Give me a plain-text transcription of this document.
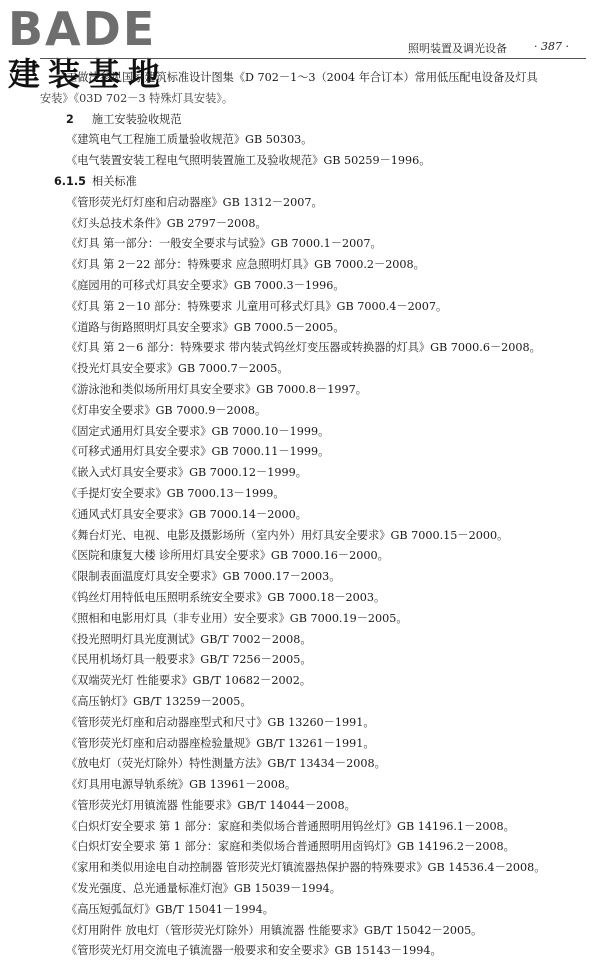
BADE
建装基地
照明装置及调光设备 · 387 ·
工做法参见国家建筑标准设计图集《D 702－1～3（2004 年合订本）常用低压配电设备及灯具
安装》《03D 702－3 特殊灯具安装》。
2 施工安装验收规范
《建筑电气工程施工质量验收规范》GB 50303。
《电气装置安装工程电气照明装置施工及验收规范》GB 50259－1996。
6.1.5 相关标准
《管形荧光灯灯座和启动器座》GB 1312－2007。
《灯头总技术条件》GB 2797－2008。
《灯具 第一部分：一般安全要求与试验》GB 7000.1－2007。
《灯具 第 2－22 部分：特殊要求 应急照明灯具》GB 7000.2－2008。
《庭园用的可移式灯具安全要求》GB 7000.3－1996。
《灯具 第 2－10 部分：特殊要求 儿童用可移式灯具》GB 7000.4－2007。
《道路与街路照明灯具安全要求》GB 7000.5－2005。
《灯具 第 2－6 部分：特殊要求 带内装式钨丝灯变压器或转换器的灯具》GB 7000.6－2008。
《投光灯具安全要求》GB 7000.7－2005。
《游泳池和类似场所用灯具安全要求》GB 7000.8－1997。
《灯串安全要求》GB 7000.9－2008。
《固定式通用灯具安全要求》GB 7000.10－1999。
《可移式通用灯具安全要求》GB 7000.11－1999。
《嵌入式灯具安全要求》GB 7000.12－1999。
《手提灯安全要求》GB 7000.13－1999。
《通风式灯具安全要求》GB 7000.14－2000。
《舞台灯光、电视、电影及摄影场所（室内外）用灯具安全要求》GB 7000.15－2000。
《医院和康复大楼 诊所用灯具安全要求》GB 7000.16－2000。
《限制表面温度灯具安全要求》GB 7000.17－2003。
《钨丝灯用特低电压照明系统安全要求》GB 7000.18－2003。
《照相和电影用灯具（非专业用）安全要求》GB 7000.19－2005。
《投光照明灯具光度测试》GB/T 7002－2008。
《民用机场灯具一般要求》GB/T 7256－2005。
《双端荧光灯 性能要求》GB/T 10682－2002。
《高压钠灯》GB/T 13259－2005。
《管形荧光灯座和启动器座型式和尺寸》GB 13260－1991。
《管形荧光灯座和启动器座检验量规》GB/T 13261－1991。
《放电灯（荧光灯除外）特性测量方法》GB/T 13434－2008。
《灯具用电源导轨系统》GB 13961－2008。
《管形荧光灯用镇流器 性能要求》GB/T 14044－2008。
《白炽灯安全要求 第 1 部分：家庭和类似场合普通照明用钨丝灯》GB 14196.1－2008。
《白炽灯安全要求 第 1 部分：家庭和类似场合普通照明用卤钨灯》GB 14196.2－2008。
《家用和类似用途电自动控制器 管形荧光灯镇流器热保护器的特殊要求》GB 14536.4－2008。
《发光强度、总光通量标准灯泡》GB 15039－1994。
《高压短弧氙灯》GB/T 15041－1994。
《灯用附件 放电灯（管形荧光灯除外）用镇流器 性能要求》GB/T 15042－2005。
《管形荧光灯用交流电子镇流器一般要求和安全要求》GB 15143－1994。
